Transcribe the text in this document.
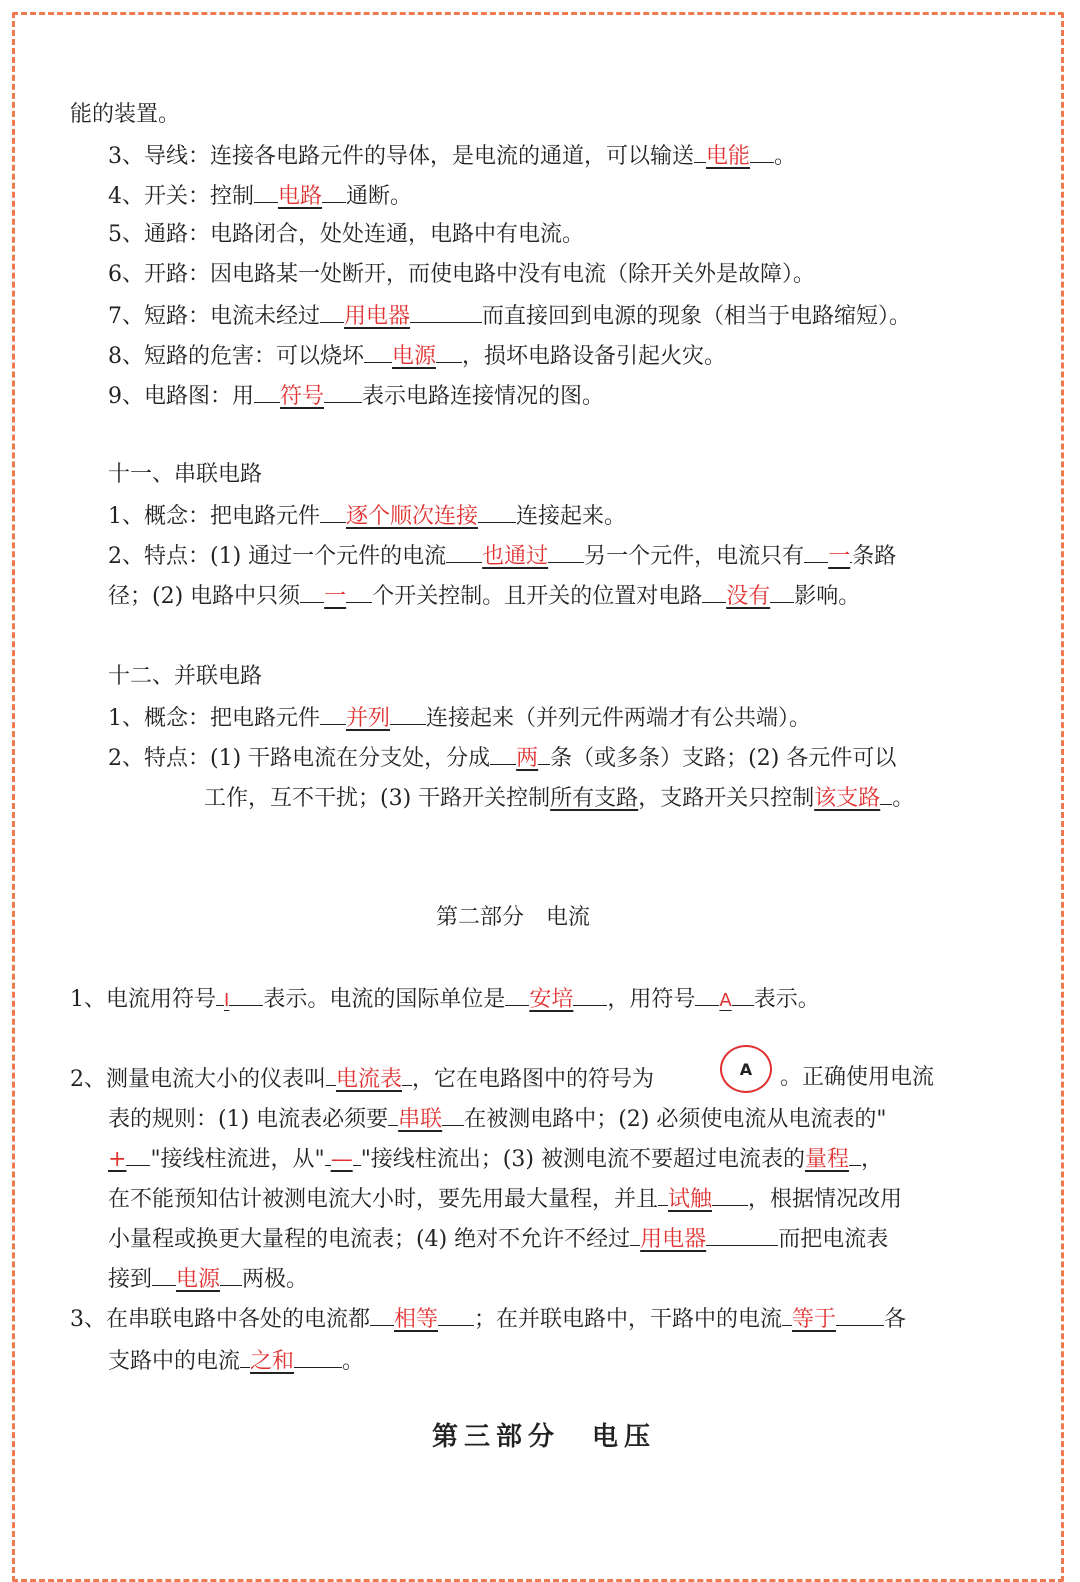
能的装置。
3、导线：连接各电路元件的导体，是电流的通道，可以输送 电能 。
4、开关：控制 电路 通断。
5、通路：电路闭合，处处连通，电路中有电流。
6、开路：因电路某一处断开，而使电路中没有电流（除开关外是故障）。
7、短路：电流未经过 用电器	而直接回到电源的现象（相当于电路缩短）。
8、短路的危害：可以烧坏 电源 ，损坏电路设备引起火灾。
9、电路图：用 符号 表示电路连接情况的图。
十一、串联电路
1、概念：把电路元件 逐个顺次连接 连接起来。
2、特点：(1) 通过一个元件的电流 也通过 另一个元件，电流只有 一条路
径；(2) 电路中只须 一 个开关控制。且开关的位置对电路 没有 影响。
十二、并联电路
1、概念：把电路元件 并列 连接起来（并列元件两端才有公共端）。
2、特点：(1) 干路电流在分支处，分成 两 条（或多条）支路；(2) 各元件可以
工作，互不干扰；(3) 干路开关控制所有支路，支路开关只控制该支路 。
第二部分　电流
1、电流用符号 I 表示。电流的国际单位是 安培 ，用符号 A 表示。
2、测量电流大小的仪表叫 电流表 ，它在电路图中的符号为	A 。正确使用电流
表的规则：(1) 电流表必须要 串联 在被测电路中；(2) 必须使电流从电流表的"
+ "接线柱流进，从" — "接线柱流出；(3) 被测电流不要超过电流表的量程 ，
在不能预知估计被测电流大小时，要先用最大量程，并且 试触 ，根据情况改用
小量程或换更大量程的电流表；(4) 绝对不允许不经过 用电器	而把电流表
接到 电源 两极。
3、在串联电路中各处的电流都 相等 ；在并联电路中，干路中的电流 等于 各
支路中的电流 之和 。
第三部分　电压
